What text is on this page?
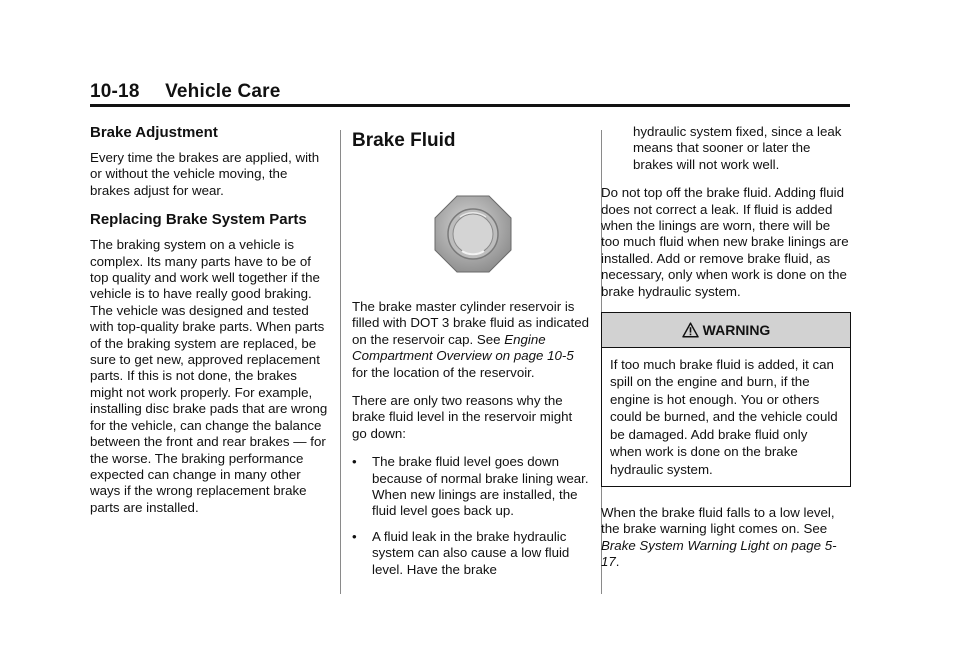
10-18 Vehicle Care
Brake Adjustment

Every time the brakes are applied, with or without the vehicle moving, the brakes adjust for wear.

Replacing Brake System Parts

The braking system on a vehicle is complex. Its many parts have to be of top quality and work well together if the vehicle is to have really good braking. The vehicle was designed and tested with top-quality brake parts. When parts of the braking system are replaced, be sure to get new, approved replacement parts. If this is not done, the brakes might not work properly. For example, installing disc brake pads that are wrong for the vehicle, can change the balance between the front and rear brakes — for the worse. The braking performance expected can change in many other ways if the wrong replacement brake parts are installed.

Brake Fluid

The brake master cylinder reservoir is filled with DOT 3 brake fluid as indicated on the reservoir cap. See Engine Compartment Overview on page 10-5 for the location of the reservoir.

There are only two reasons why the brake fluid level in the reservoir might go down:

• The brake fluid level goes down because of normal brake lining wear. When new linings are installed, the fluid level goes back up.
• A fluid leak in the brake hydraulic system can also cause a low fluid level. Have the brake

hydraulic system fixed, since a leak means that sooner or later the brakes will not work well.

Do not top off the brake fluid. Adding fluid does not correct a leak. If fluid is added when the linings are worn, there will be too much fluid when new brake linings are installed. Add or remove brake fluid, as necessary, only when work is done on the brake hydraulic system.

WARNING

If too much brake fluid is added, it can spill on the engine and burn, if the engine is hot enough. You or others could be burned, and the vehicle could be damaged. Add brake fluid only when work is done on the brake hydraulic system.

When the brake fluid falls to a low level, the brake warning light comes on. See Brake System Warning Light on page 5-17.
